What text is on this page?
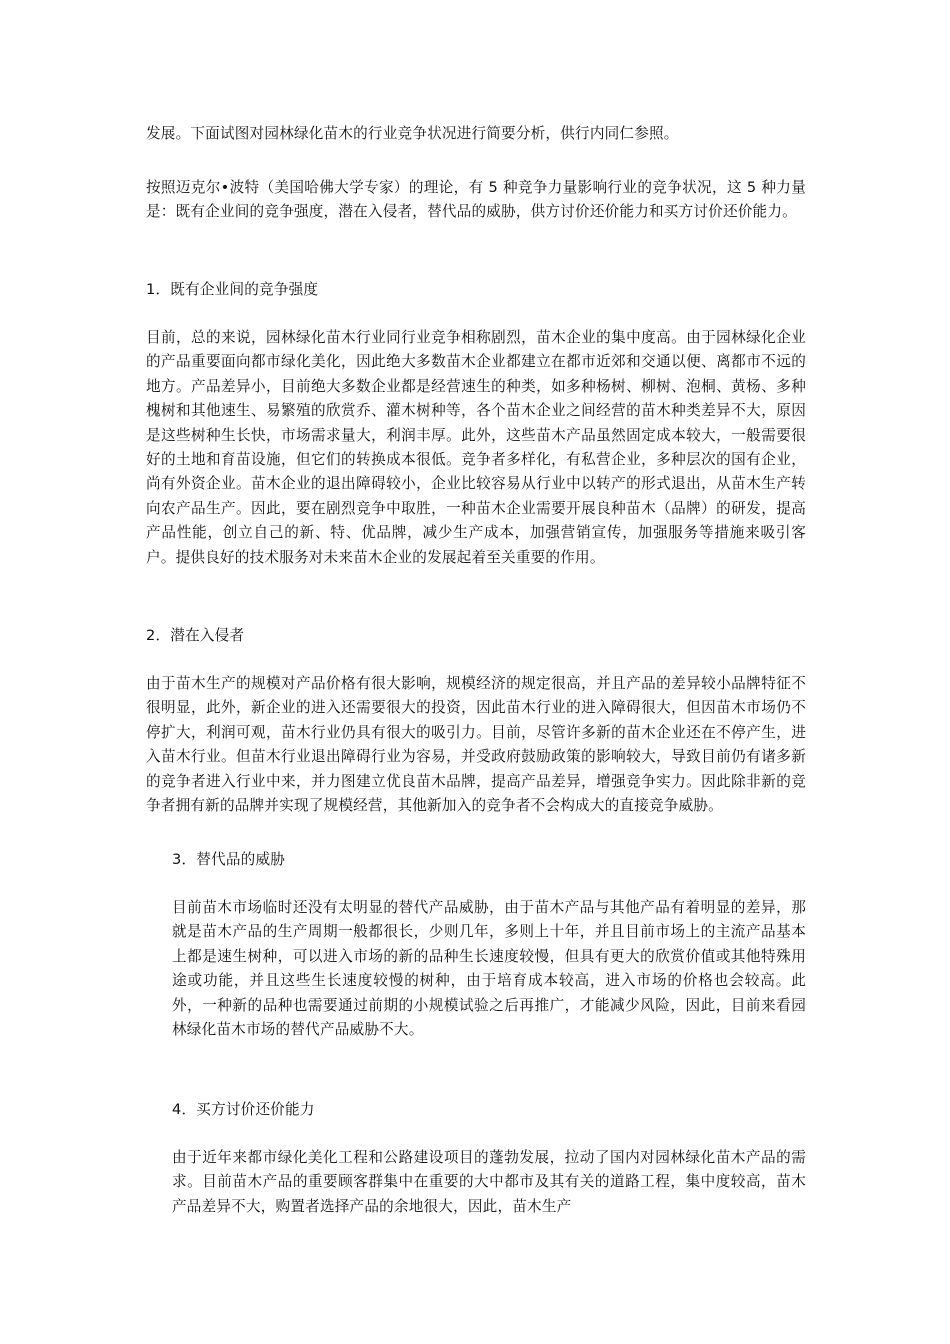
发展。下面试图对园林绿化苗木的行业竞争状况进行简要分析，供行内同仁参照。

按照迈克尔•波特（美国哈佛大学专家）的理论，有 5 种竞争力量影响行业的竞争状况，这 5 种力量是：既有企业间的竞争强度，潜在入侵者，替代品的威胁，供方讨价还价能力和买方讨价还价能力。

1．既有企业间的竞争强度

目前，总的来说，园林绿化苗木行业同行业竞争相称剧烈，苗木企业的集中度高。由于园林绿化企业的产品重要面向都市绿化美化，因此绝大多数苗木企业都建立在都市近郊和交通以便、离都市不远的地方。产品差异小，目前绝大多数企业都是经营速生的种类，如多种杨树、柳树、泡桐、黄杨、多种槐树和其他速生、易繁殖的欣赏乔、灌木树种等，各个苗木企业之间经营的苗木种类差异不大，原因是这些树种生长快，市场需求量大，利润丰厚。此外，这些苗木产品虽然固定成本较大，一般需要很好的土地和育苗设施，但它们的转换成本很低。竞争者多样化，有私营企业，多种层次的国有企业，尚有外资企业。苗木企业的退出障碍较小，企业比较容易从行业中以转产的形式退出，从苗木生产转向农产品生产。因此，要在剧烈竞争中取胜，一种苗木企业需要开展良种苗木（品牌）的研发，提高产品性能，创立自己的新、特、优品牌，减少生产成本，加强营销宣传，加强服务等措施来吸引客户。提供良好的技术服务对未来苗木企业的发展起着至关重要的作用。

2．潜在入侵者

由于苗木生产的规模对产品价格有很大影响，规模经济的规定很高，并且产品的差异较小品牌特征不很明显，此外，新企业的进入还需要很大的投资，因此苗木行业的进入障碍很大，但因苗木市场仍不停扩大，利润可观，苗木行业仍具有很大的吸引力。目前，尽管许多新的苗木企业还在不停产生，进入苗木行业。但苗木行业退出障碍行业为容易，并受政府鼓励政策的影响较大，导致目前仍有诸多新的竞争者进入行业中来，并力图建立优良苗木品牌，提高产品差异，增强竞争实力。因此除非新的竞争者拥有新的品牌并实现了规模经营，其他新加入的竞争者不会构成大的直接竞争威胁。

3．替代品的威胁

目前苗木市场临时还没有太明显的替代产品威胁，由于苗木产品与其他产品有着明显的差异，那就是苗木产品的生产周期一般都很长，少则几年，多则上十年，并且目前市场上的主流产品基本上都是速生树种，可以进入市场的新的品种生长速度较慢，但具有更大的欣赏价值或其他特殊用途或功能，并且这些生长速度较慢的树种，由于培育成本较高，进入市场的价格也会较高。此外，一种新的品种也需要通过前期的小规模试验之后再推广，才能减少风险，因此，目前来看园林绿化苗木市场的替代产品威胁不大。

4．买方讨价还价能力

由于近年来都市绿化美化工程和公路建设项目的蓬勃发展，拉动了国内对园林绿化苗木产品的需求。目前苗木产品的重要顾客群集中在重要的大中都市及其有关的道路工程，集中度较高，苗木产品差异不大，购置者选择产品的余地很大，因此，苗木生产
